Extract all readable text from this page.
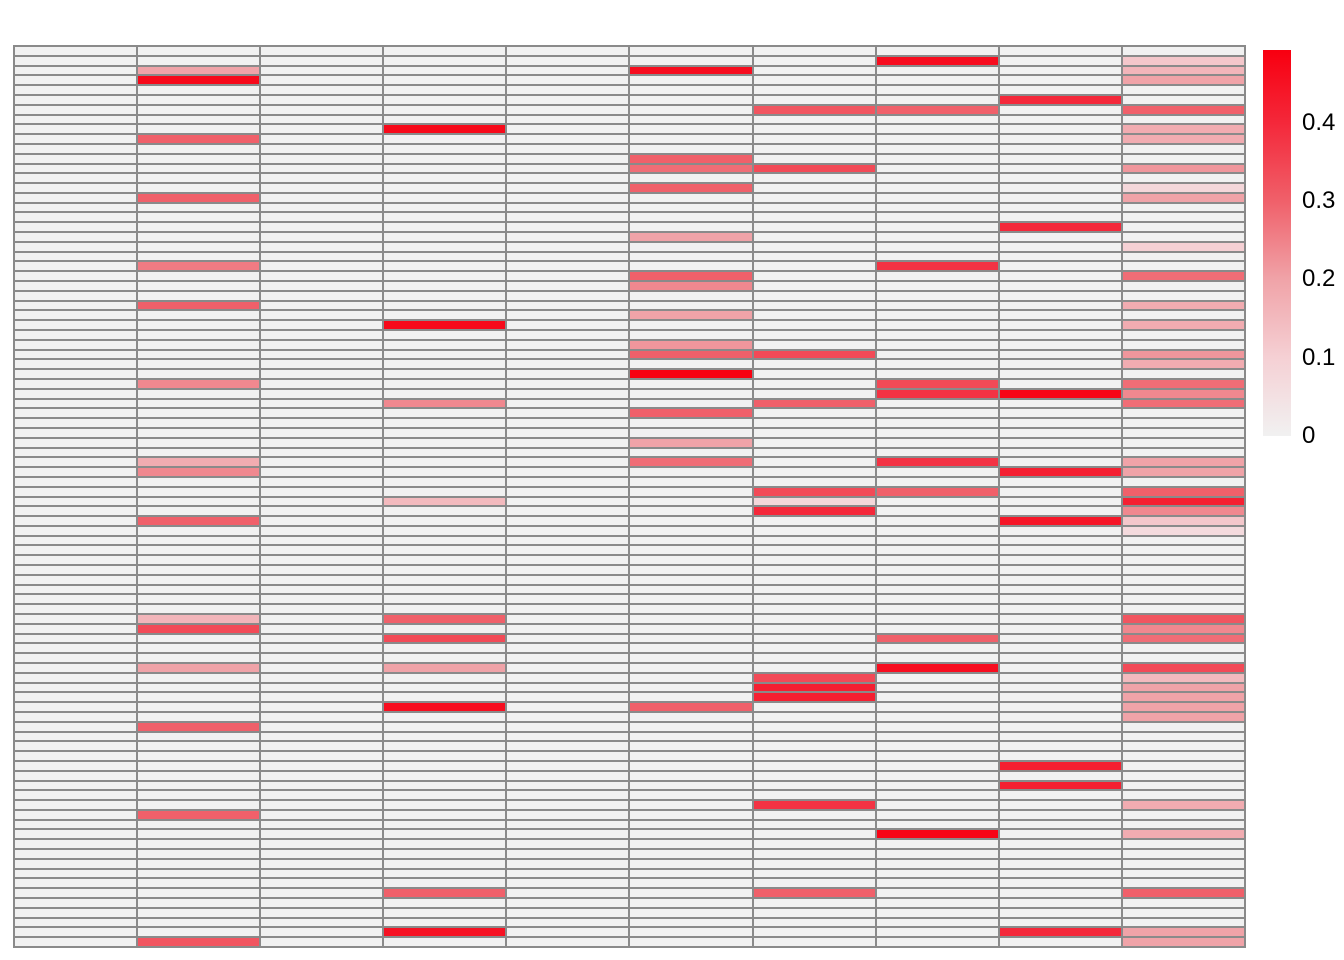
0.4
0.3
0.2
0.1
0
